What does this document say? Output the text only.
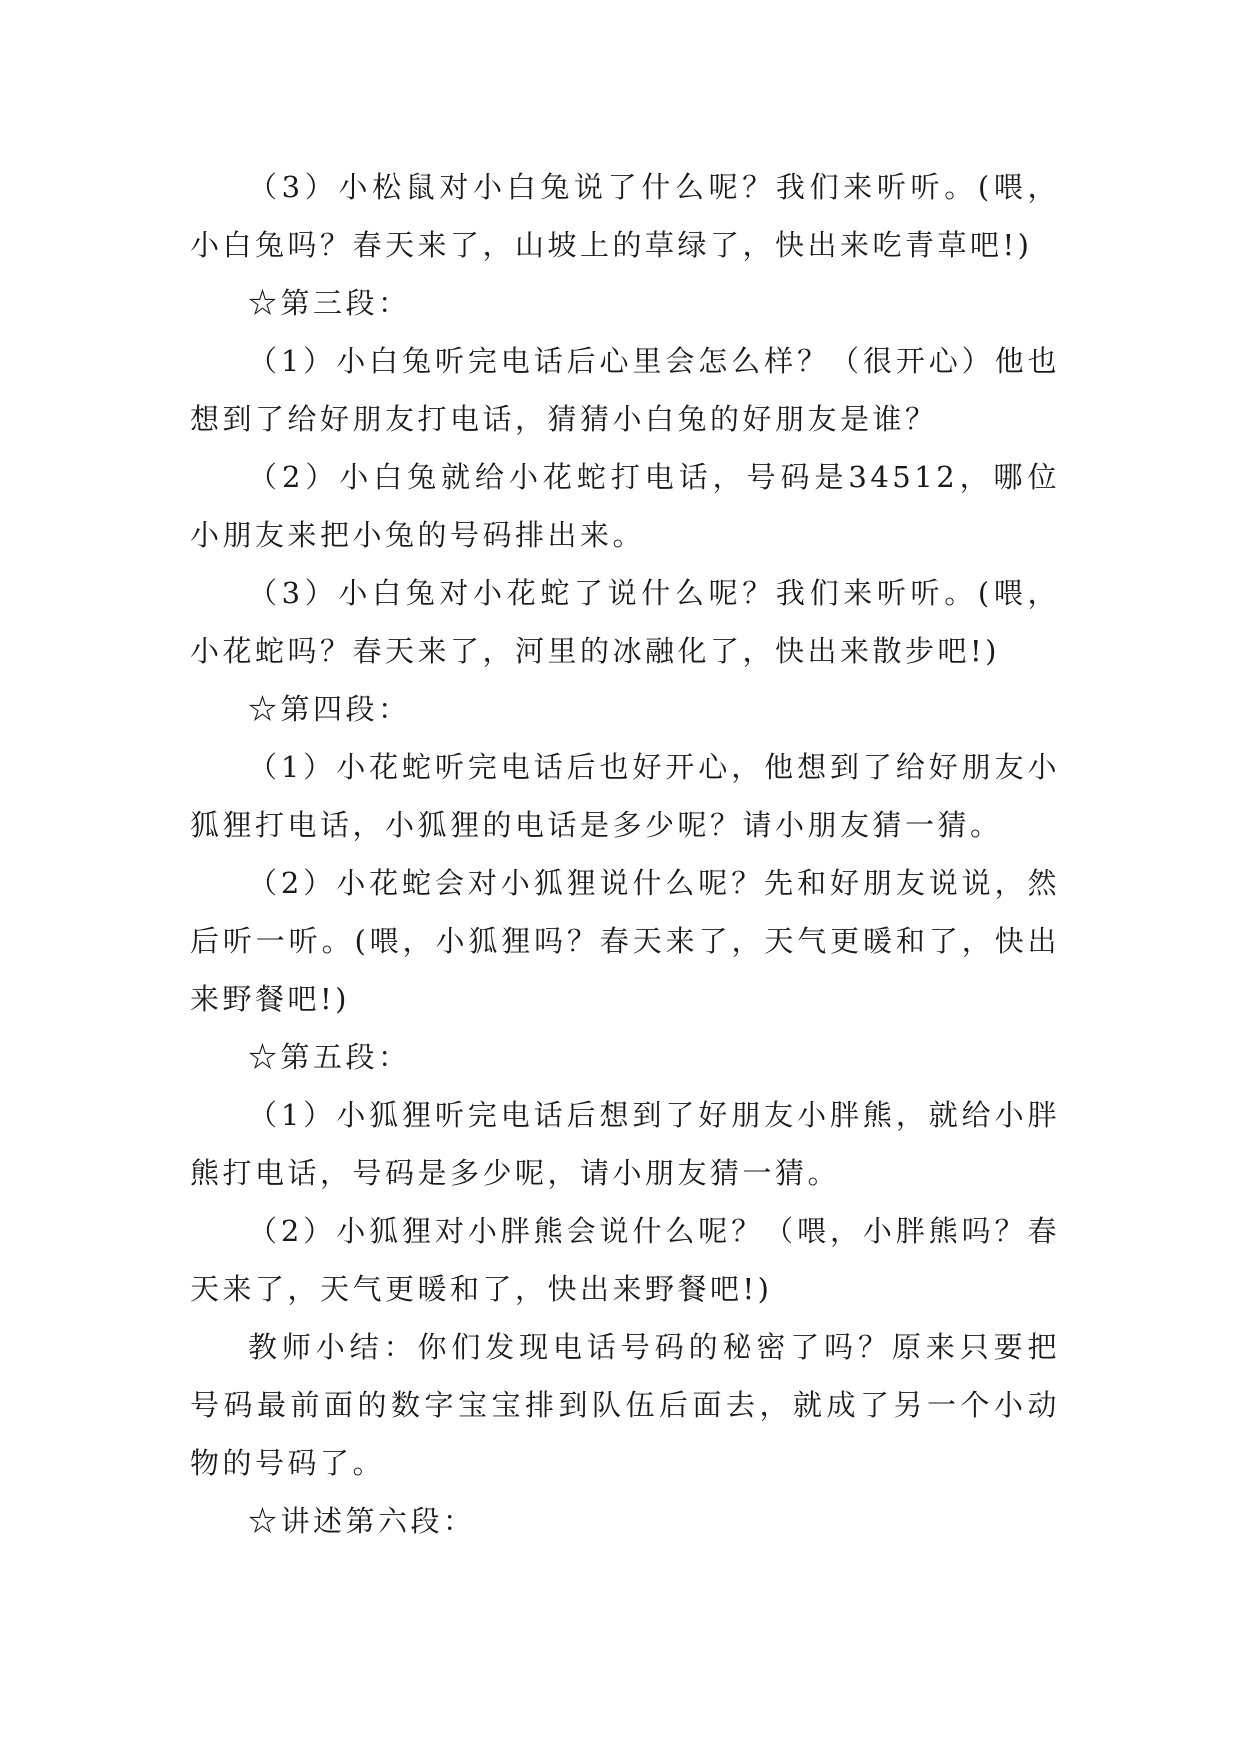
（3）小松鼠对小白兔说了什么呢？我们来听听。(喂，小白兔吗？春天来了，山坡上的草绿了，快出来吃青草吧!)

☆第三段：

（1）小白兔听完电话后心里会怎么样？（很开心）他也想到了给好朋友打电话，猜猜小白兔的好朋友是谁？

（2）小白兔就给小花蛇打电话，号码是34512，哪位小朋友来把小兔的号码排出来。

（3）小白兔对小花蛇了说什么呢？我们来听听。(喂，小花蛇吗？春天来了，河里的冰融化了，快出来散步吧!)

☆第四段：

（1）小花蛇听完电话后也好开心，他想到了给好朋友小狐狸打电话，小狐狸的电话是多少呢？请小朋友猜一猜。

（2）小花蛇会对小狐狸说什么呢？先和好朋友说说，然后听一听。(喂，小狐狸吗？春天来了，天气更暖和了，快出来野餐吧!)

☆第五段：

（1）小狐狸听完电话后想到了好朋友小胖熊，就给小胖熊打电话，号码是多少呢，请小朋友猜一猜。

（2）小狐狸对小胖熊会说什么呢？（喂，小胖熊吗？春天来了，天气更暖和了，快出来野餐吧!)

教师小结：你们发现电话号码的秘密了吗？原来只要把号码最前面的数字宝宝排到队伍后面去，就成了另一个小动物的号码了。

☆讲述第六段：
